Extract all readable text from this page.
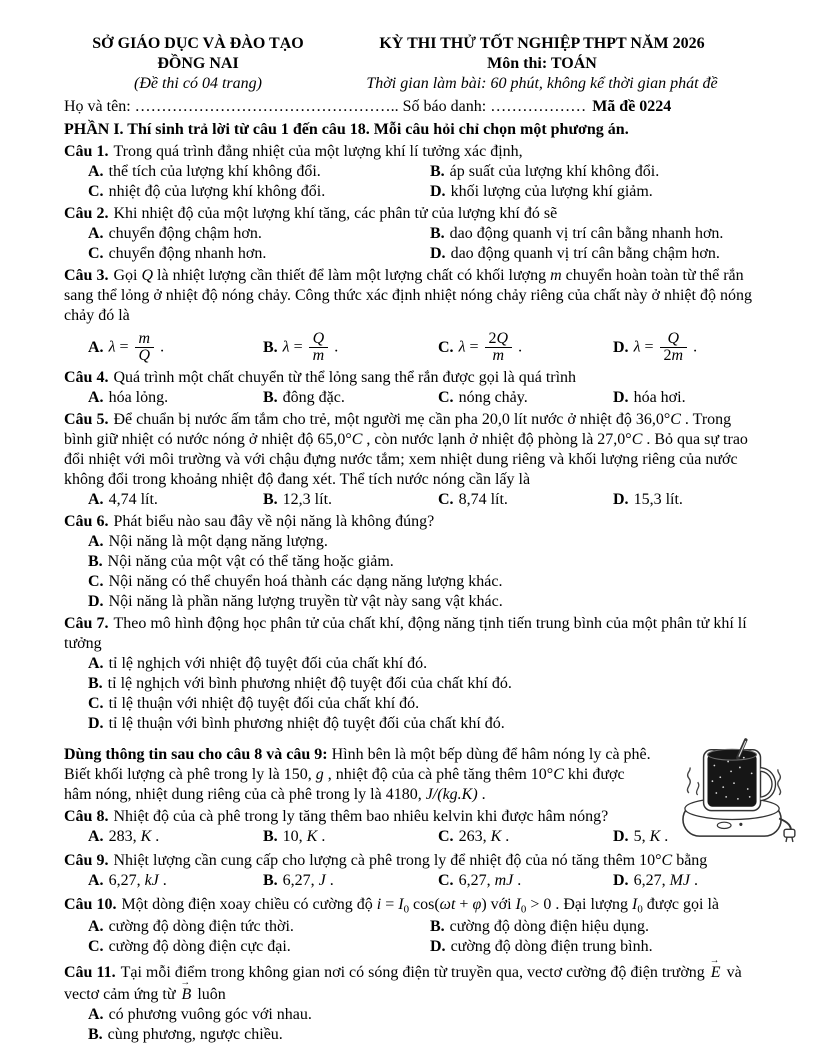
SỞ GIÁO DỤC VÀ ĐÀO TẠO
ĐỒNG NAI
(Đề thi có 04 trang)
KỲ THI THỬ TỐT NGHIỆP THPT NĂM 2026
Môn thi: TOÁN
Thời gian làm bài: 60 phút, không kể thời gian phát đề

Họ và tên: ………………………………………….. Số báo danh: ……………… Mã đề 0224

PHẦN I. Thí sinh trả lời từ câu 1 đến câu 18. Mỗi câu hỏi chỉ chọn một phương án.

Câu 1. Trong quá trình đẳng nhiệt của một lượng khí lí tưởng xác định,

A. thể tích của lượng khí không đổi.	B. áp suất của lượng khí không đổi.
C. nhiệt độ của lượng khí không đổi.	D. khối lượng của lượng khí giảm.

Câu 2. Khi nhiệt độ của một lượng khí tăng, các phân tử của lượng khí đó sẽ

A. chuyển động chậm hơn.	B. dao động quanh vị trí cân bằng nhanh hơn.
C. chuyển động nhanh hơn.	D. dao động quanh vị trí cân bằng chậm hơn.

Câu 3. Gọi Q là nhiệt lượng cần thiết để làm một lượng chất có khối lượng m chuyển hoàn toàn từ thể rắn sang thể lỏng ở nhiệt độ nóng chảy. Công thức xác định nhiệt nóng chảy riêng của chất này ở nhiệt độ nóng chảy đó là

A. $\lambda = \frac{m}{Q}$ .	B. $\lambda = \frac{Q}{m}$ .	C. $\lambda = \frac{2Q}{m}$ .	D. $\lambda = \frac{Q}{2m}$ .

Câu 4. Quá trình một chất chuyển từ thể lỏng sang thể rắn được gọi là quá trình

A. hóa lỏng.	B. đông đặc.	C. nóng chảy.	D. hóa hơi.

Câu 5. Để chuẩn bị nước ấm tắm cho trẻ, một người mẹ cần pha 20,0 lít nước ở nhiệt độ 36,0°C . Trong bình giữ nhiệt có nước nóng ở nhiệt độ 65,0°C , còn nước lạnh ở nhiệt độ phòng là 27,0°C . Bỏ qua sự trao đổi nhiệt với môi trường và với chậu đựng nước tắm; xem nhiệt dung riêng và khối lượng riêng của nước không đổi trong khoảng nhiệt độ đang xét. Thể tích nước nóng cần lấy là

A. 4,74 lít.	B. 12,3 lít.	C. 8,74 lít.	D. 15,3 lít.

Câu 6. Phát biểu nào sau đây về nội năng là không đúng?

A. Nội năng là một dạng năng lượng.
B. Nội năng của một vật có thể tăng hoặc giảm.
C. Nội năng có thể chuyển hoá thành các dạng năng lượng khác.
D. Nội năng là phần năng lượng truyền từ vật này sang vật khác.

Câu 7. Theo mô hình động học phân tử của chất khí, động năng tịnh tiến trung bình của một phân tử khí lí tưởng

A. tỉ lệ nghịch với nhiệt độ tuyệt đối của chất khí đó.
B. tỉ lệ nghịch với bình phương nhiệt độ tuyệt đối của chất khí đó.
C. tỉ lệ thuận với nhiệt độ tuyệt đối của chất khí đó.
D. tỉ lệ thuận với bình phương nhiệt độ tuyệt đối của chất khí đó.

Dùng thông tin sau cho câu 8 và câu 9: Hình bên là một bếp dùng để hâm nóng ly cà phê. Biết khối lượng cà phê trong ly là 150, g , nhiệt độ của cà phê tăng thêm 10°C khi được hâm nóng, nhiệt dung riêng của cà phê trong ly là 4180, J/(kg.K) .

Câu 8. Nhiệt độ của cà phê trong ly tăng thêm bao nhiêu kelvin khi được hâm nóng?

A. 283, K .	B. 10, K .	C. 263, K .	D. 5, K .

Câu 9. Nhiệt lượng cần cung cấp cho lượng cà phê trong ly để nhiệt độ của nó tăng thêm 10°C bằng

A. 6,27, kJ .	B. 6,27, J .	C. 6,27, mJ .	D. 6,27, MJ .

Câu 10. Một dòng điện xoay chiều có cường độ $i = I_0$ cos(ωt + φ) với $I_0 > 0$ . Đại lượng $I_0$ được gọi là

A. cường độ dòng điện tức thời.	B. cường độ dòng điện hiệu dụng.
C. cường độ dòng điện cực đại.	D. cường độ dòng điện trung bình.

Câu 11. Tại mỗi điểm trong không gian nơi có sóng điện từ truyền qua, vectơ cường độ điện trường → E và vectơ cảm ứng từ → B luôn

A. có phương vuông góc với nhau.
B. cùng phương, ngược chiều.
